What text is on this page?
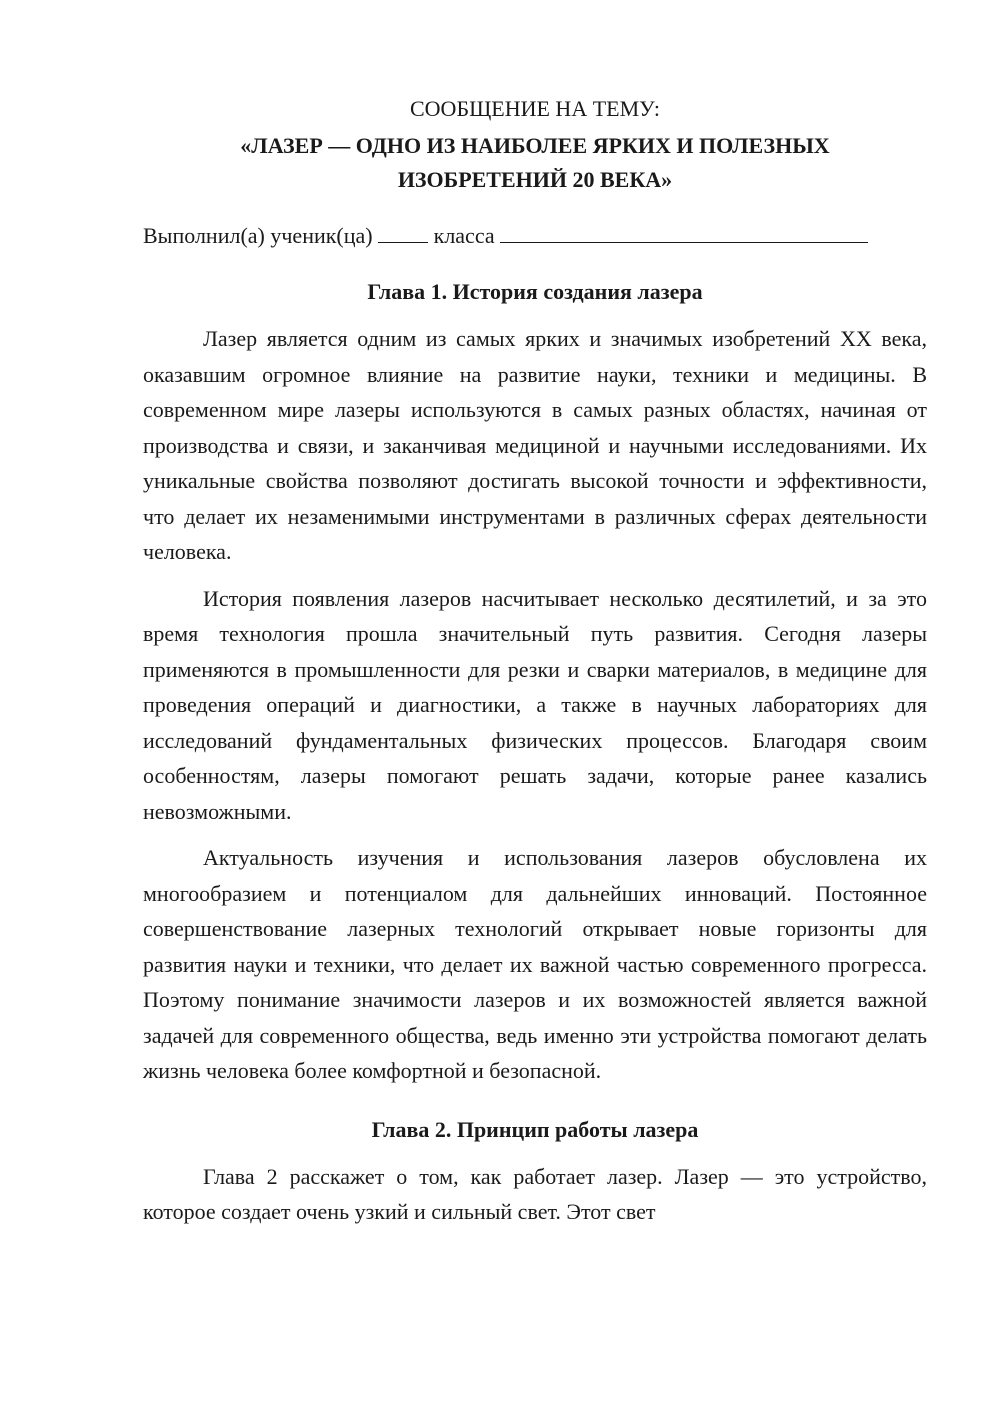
СООБЩЕНИЕ НА ТЕМУ:
«ЛАЗЕР — ОДНО ИЗ НАИБОЛЕЕ ЯРКИХ И ПОЛЕЗНЫХ
ИЗОБРЕТЕНИЙ 20 ВЕКА»
Выполнил(а) ученик(ца)	класса
Глава 1. История создания лазера

Лазер является одним из самых ярких и значимых изобретений XX века, оказавшим огромное влияние на развитие науки, техники и медицины. В современном мире лазеры используются в самых разных областях, начиная от производства и связи, и заканчивая медициной и научными исследованиями. Их уникальные свойства позволяют достигать высокой точности и эффективности, что делает их незаменимыми инструментами в различных сферах деятельности человека.

История появления лазеров насчитывает несколько десятилетий, и за это время технология прошла значительный путь развития. Сегодня лазеры применяются в промышленности для резки и сварки материалов, в медицине для проведения операций и диагностики, а также в научных лабораториях для исследований фундаментальных физических процессов. Благодаря своим особенностям, лазеры помогают решать задачи, которые ранее казались невозможными.

Актуальность изучения и использования лазеров обусловлена их многообразием и потенциалом для дальнейших инноваций. Постоянное совершенствование лазерных технологий открывает новые горизонты для развития науки и техники, что делает их важной частью современного прогресса. Поэтому понимание значимости лазеров и их возможностей является важной задачей для современного общества, ведь именно эти устройства помогают делать жизнь человека более комфортной и безопасной.

Глава 2. Принцип работы лазера

Глава 2 расскажет о том, как работает лазер. Лазер — это устройство, которое создает очень узкий и сильный свет. Этот свет
